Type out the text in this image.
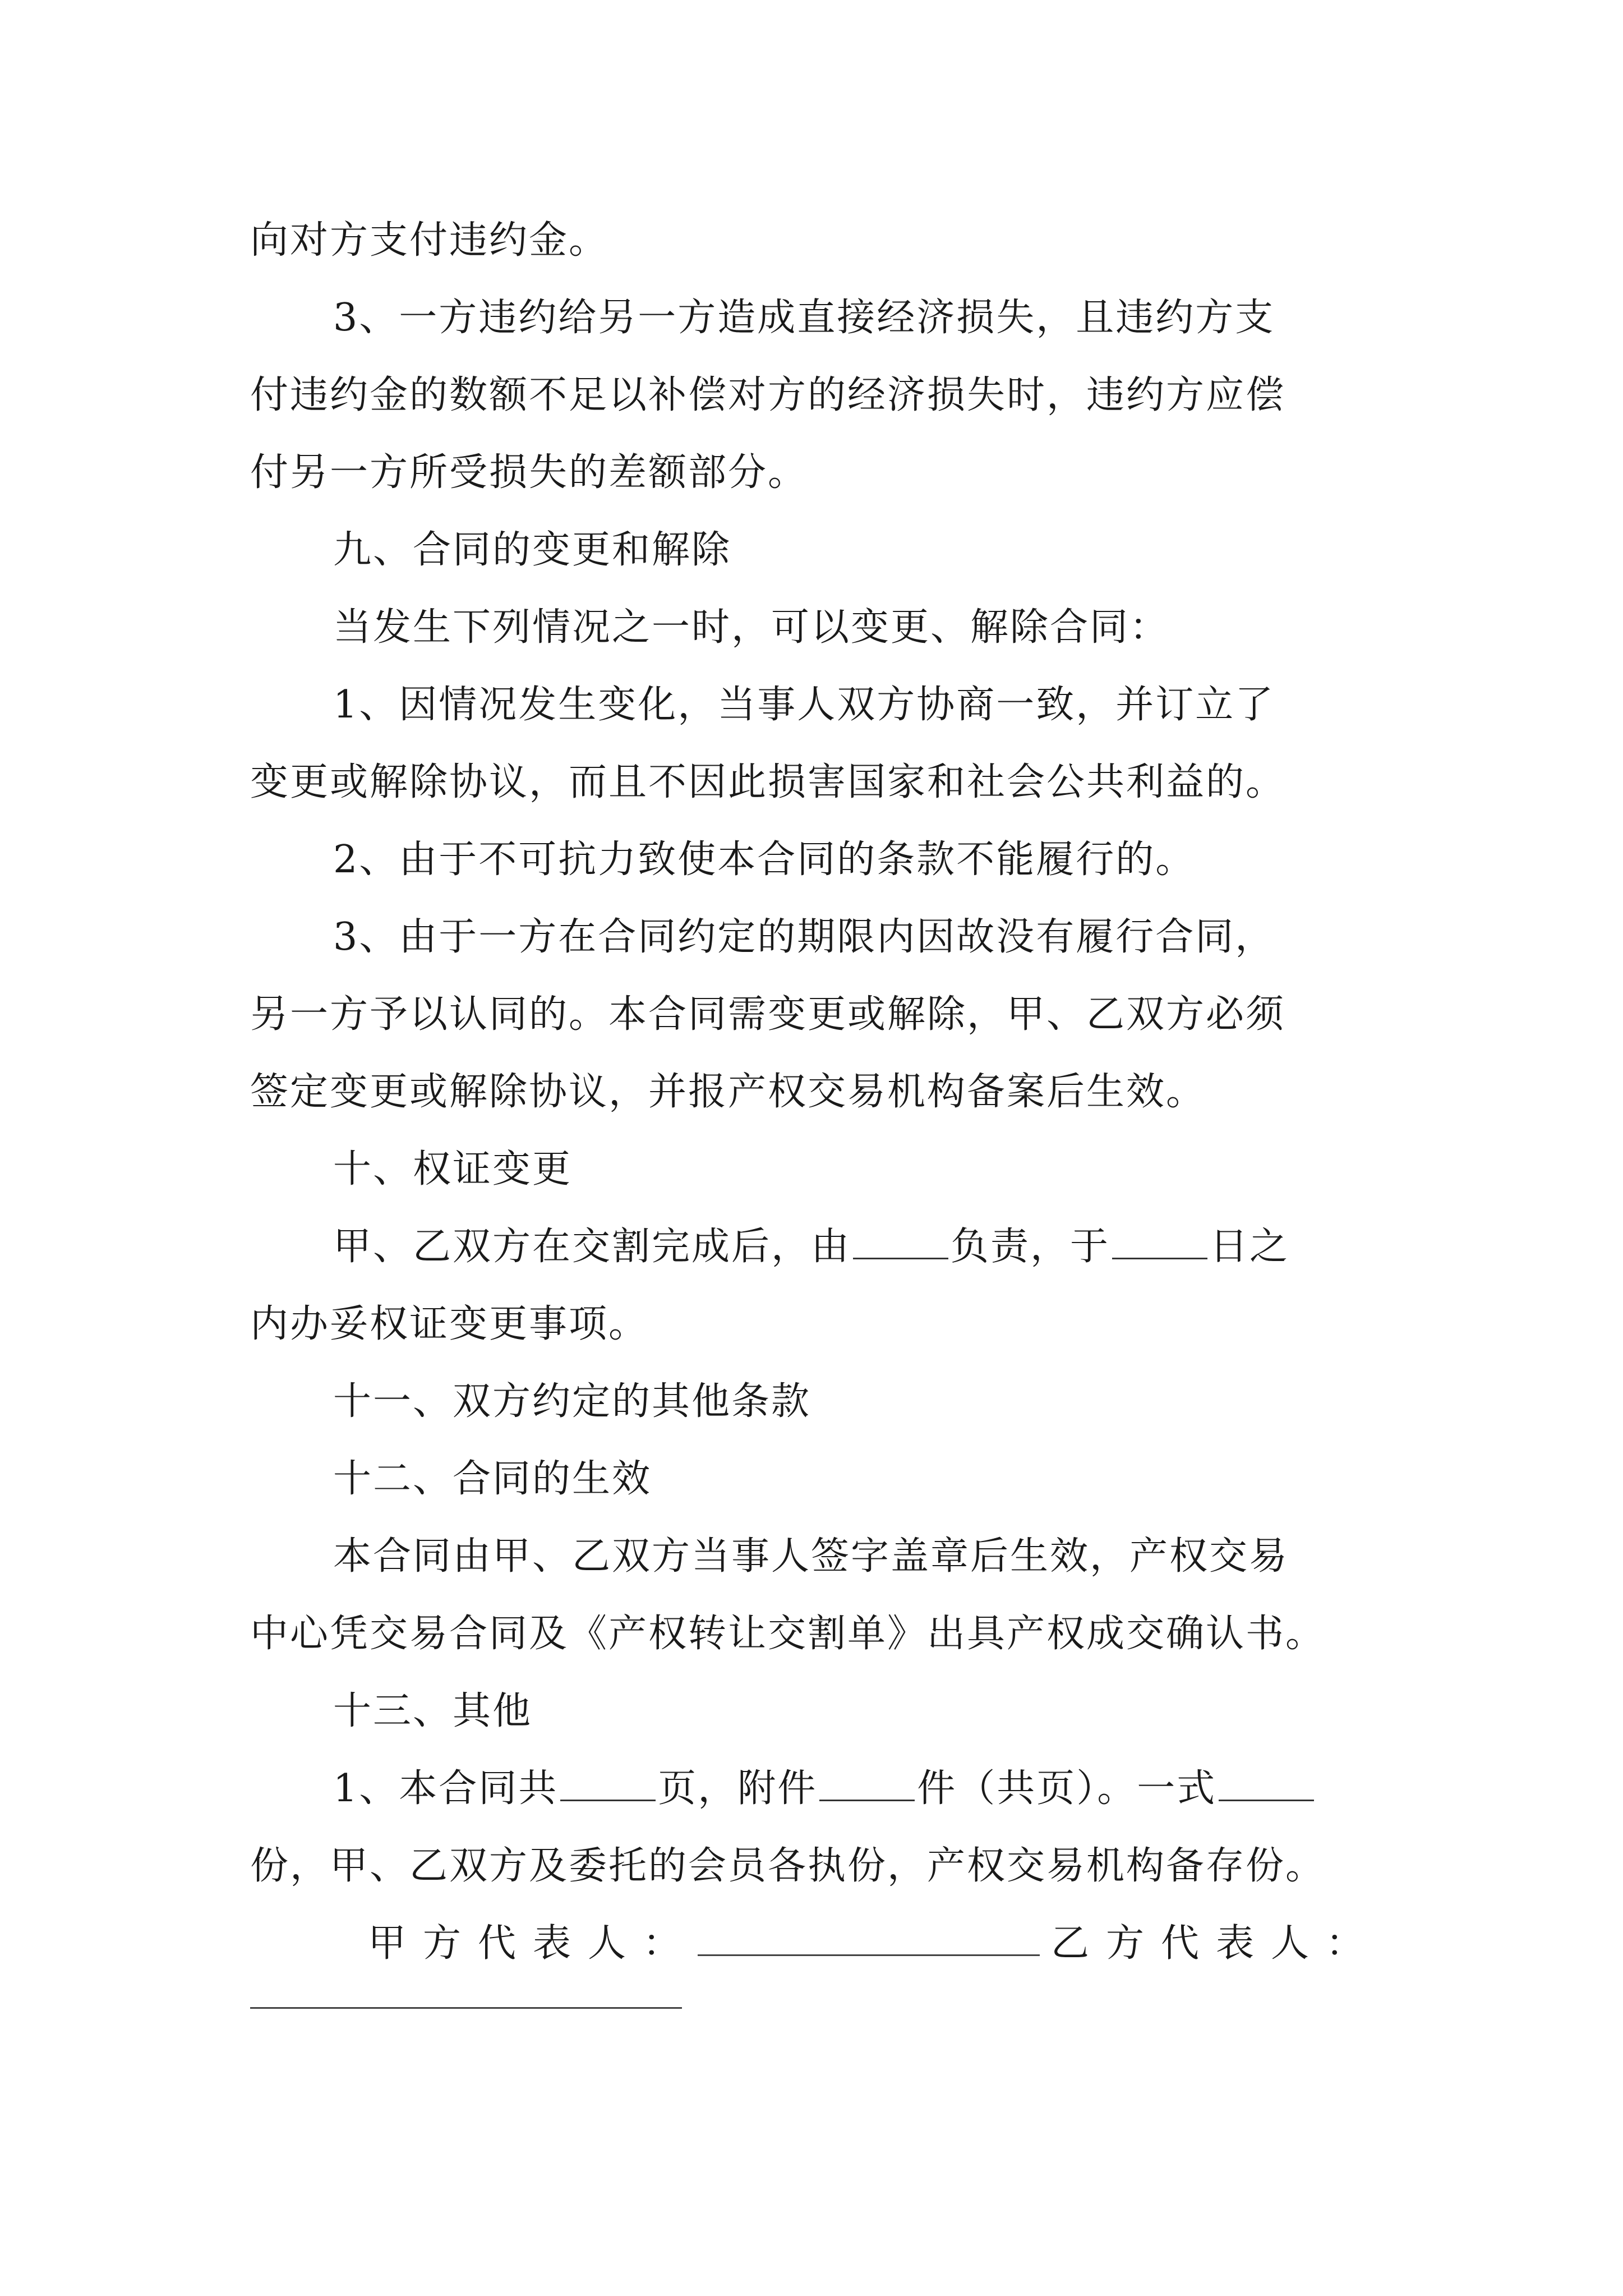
向对方支付违约金。
3、一方违约给另一方造成直接经济损失，且违约方支
付违约金的数额不足以补偿对方的经济损失时，违约方应偿
付另一方所受损失的差额部分。
九、合同的变更和解除
当发生下列情况之一时，可以变更、解除合同：
1、因情况发生变化，当事人双方协商一致，并订立了
变更或解除协议，而且不因此损害国家和社会公共利益的。
2、由于不可抗力致使本合同的条款不能履行的。
3、由于一方在合同约定的期限内因故没有履行合同，
另一方予以认同的。本合同需变更或解除，甲、乙双方必须
签定变更或解除协议，并报产权交易机构备案后生效。
十、权证变更
甲、乙双方在交割完成后，由	负责，于	日之
内办妥权证变更事项。
十一、双方约定的其他条款
十二、合同的生效
本合同由甲、乙双方当事人签字盖章后生效，产权交易
中心凭交易合同及《产权转让交割单》出具产权成交确认书。
十三、其他
1、本合同共	页，附件	件（共页）。一式
份，甲、乙双方及委托的会员各执份，产权交易机构备存份。
甲方代表人：	乙方代表人：
